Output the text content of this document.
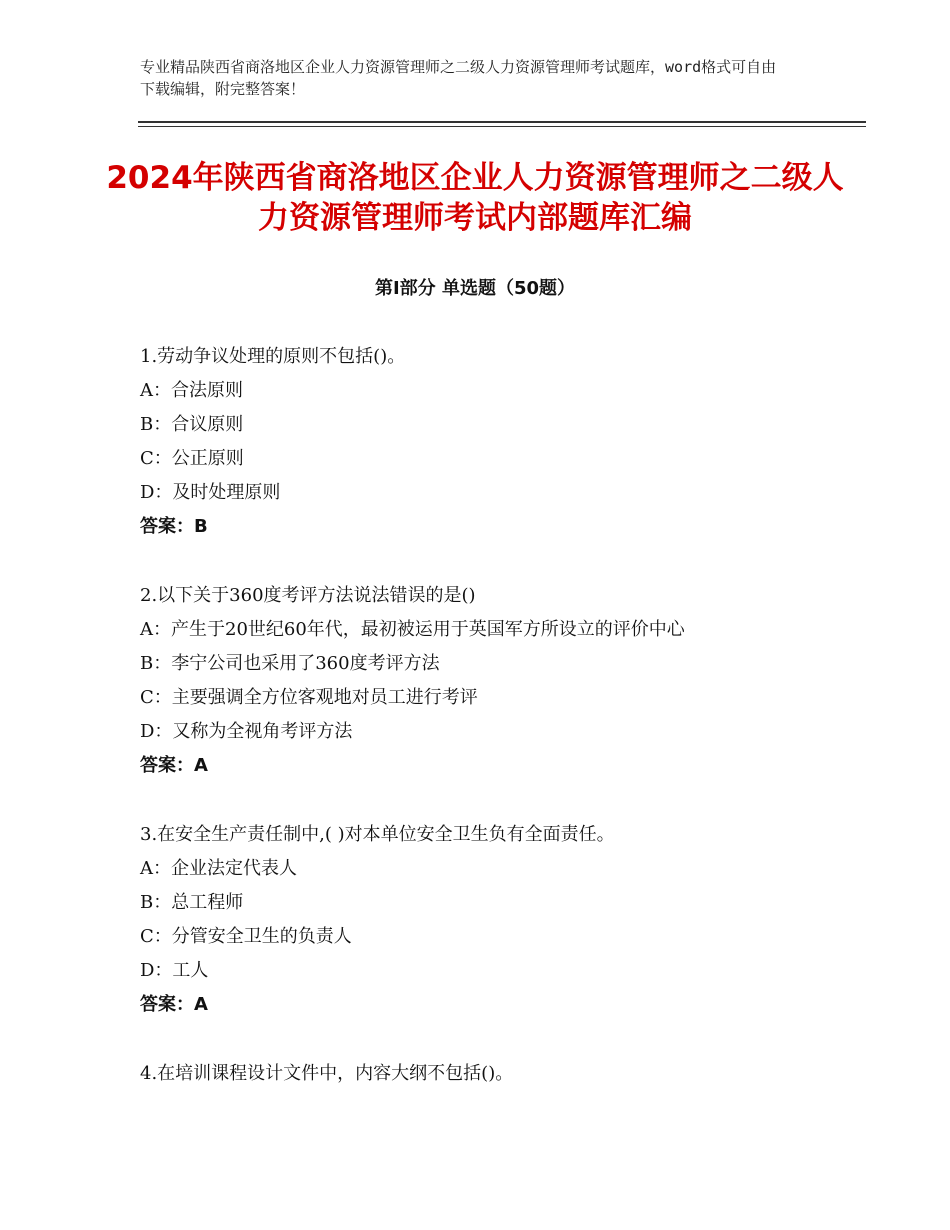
专业精品陕西省商洛地区企业人力资源管理师之二级人力资源管理师考试题库，word格式可自由下载编辑，附完整答案！
2024年陕西省商洛地区企业人力资源管理师之二级人力资源管理师考试内部题库汇编
第Ⅰ部分 单选题（50题）
1.劳动争议处理的原则不包括()。
A：合法原则
B：合议原则
C：公正原则
D：及时处理原则
答案：B
2.以下关于360度考评方法说法错误的是()
A：产生于20世纪60年代，最初被运用于英国军方所设立的评价中心
B：李宁公司也采用了360度考评方法
C：主要强调全方位客观地对员工进行考评
D：又称为全视角考评方法
答案：A
3.在安全生产责任制中,( )对本单位安全卫生负有全面责任。
A：企业法定代表人
B：总工程师
C：分管安全卫生的负责人
D：工人
答案：A
4.在培训课程设计文件中，内容大纲不包括()。
